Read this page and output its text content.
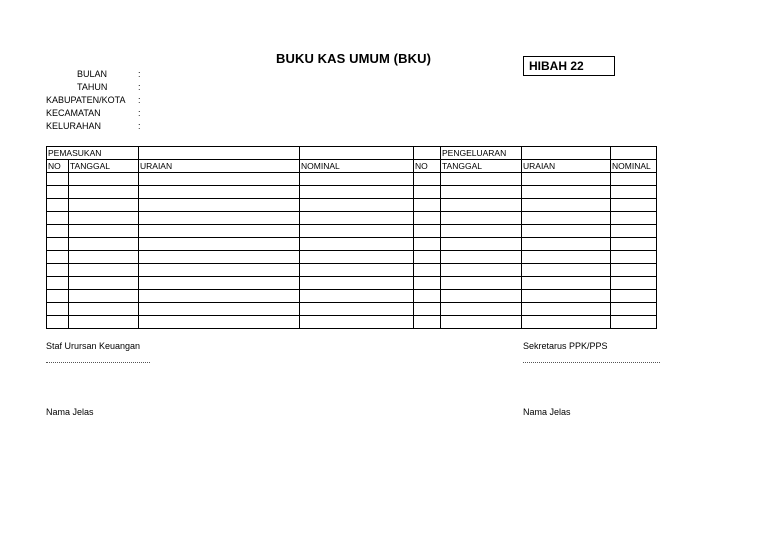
BUKU KAS UMUM (BKU)	HIBAH 22
BULAN	:
TAHUN	:
KABUPATEN/KOTA :
KECAMATAN	:
KELURAHAN	:
PEMASUKAN					PENGELUARAN		
NO	TANGGAL	URAIAN	NOMINAL	NO	TANGGAL	URAIAN	NOMINAL

Staf Urursan Keuangan	Sekretarus PPK/PPS
Nama Jelas	Nama Jelas
